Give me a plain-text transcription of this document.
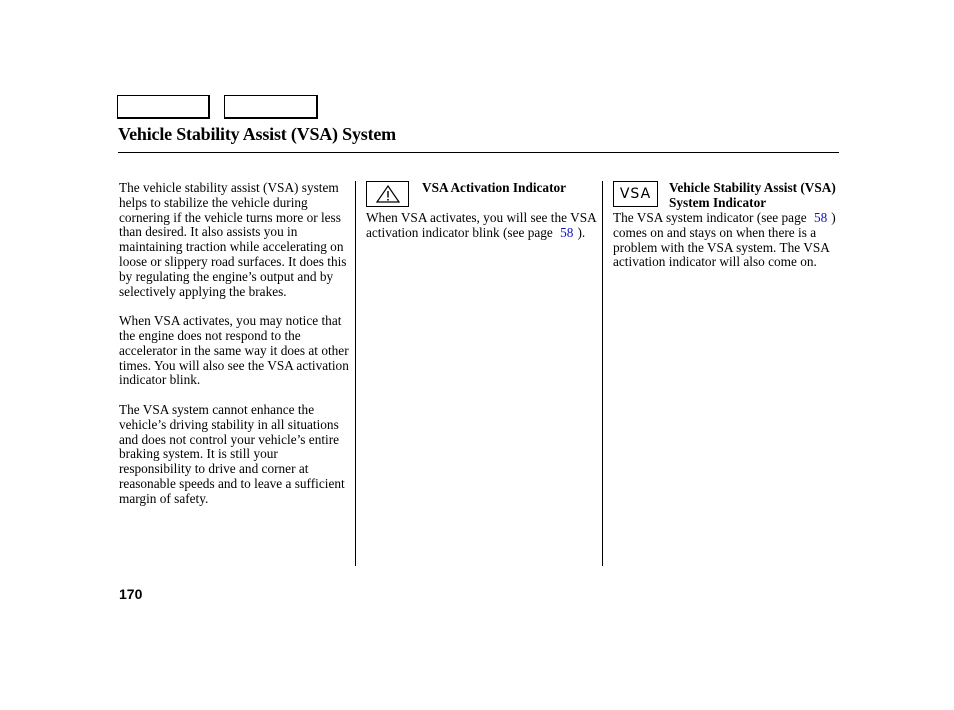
Vehicle Stability Assist (VSA) System

The vehicle stability assist (VSA) system helps to stabilize the vehicle during cornering if the vehicle turns more or less than desired. It also assists you in maintaining traction while accelerating on loose or slippery road surfaces. It does this by regulating the engine’s output and by selectively applying the brakes.

When VSA activates, you may notice that the engine does not respond to the accelerator in the same way it does at other times. You will also see the VSA activation indicator blink.

The VSA system cannot enhance the vehicle’s driving stability in all situations and does not control your vehicle’s entire braking system. It is still your responsibility to drive and corner at reasonable speeds and to leave a sufficient margin of safety.

VSA Activation Indicator
When VSA activates, you will see the VSA activation indicator blink (see page 58 ).
VSA Vehicle Stability Assist (VSA) System Indicator
The VSA system indicator (see page 58 ) comes on and stays on when there is a problem with the VSA system. The VSA activation indicator will also come on.
170
